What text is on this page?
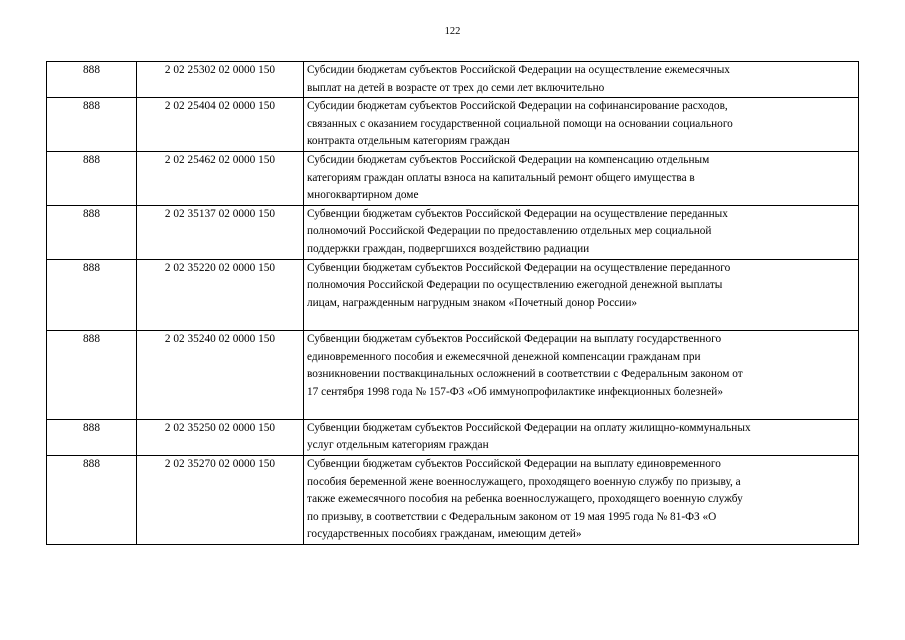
122
888	2 02 25302 02 0000 150	Субсидии бюджетам субъектов Российской Федерации на осуществление ежемесячных
выплат на детей в возрасте от трех до семи лет включительно

888	2 02 25404 02 0000 150	Субсидии бюджетам субъектов Российской Федерации на софинансирование расходов,
связанных с оказанием государственной социальной помощи на основании социального
контракта отдельным категориям граждан

888	2 02 25462 02 0000 150	Субсидии бюджетам субъектов Российской Федерации на компенсацию отдельным
категориям граждан оплаты взноса на капитальный ремонт общего имущества в
многоквартирном доме

888	2 02 35137 02 0000 150	Субвенции бюджетам субъектов Российской Федерации на осуществление переданных
полномочий Российской Федерации по предоставлению отдельных мер социальной
поддержки граждан, подвергшихся воздействию радиации

888	2 02 35220 02 0000 150	Субвенции бюджетам субъектов Российской Федерации на осуществление переданного
полномочия Российской Федерации по осуществлению ежегодной денежной выплаты
лицам, награжденным нагрудным знаком «Почетный донор России»

888	2 02 35240 02 0000 150	Субвенции бюджетам субъектов Российской Федерации на выплату государственного
единовременного пособия и ежемесячной денежной компенсации гражданам при
возникновении поствакцинальных осложнений в соответствии с Федеральным законом от
17 сентября 1998 года № 157-ФЗ «Об иммунопрофилактике инфекционных болезней»

888	2 02 35250 02 0000 150	Субвенции бюджетам субъектов Российской Федерации на оплату жилищно-коммунальных
услуг отдельным категориям граждан

888	2 02 35270 02 0000 150	Субвенции бюджетам субъектов Российской Федерации на выплату единовременного
пособия беременной жене военнослужащего, проходящего военную службу по призыву, а
также ежемесячного пособия на ребенка военнослужащего, проходящего военную службу
по призыву, в соответствии с Федеральным законом от 19 мая 1995 года № 81-ФЗ «О
государственных пособиях гражданам, имеющим детей»
